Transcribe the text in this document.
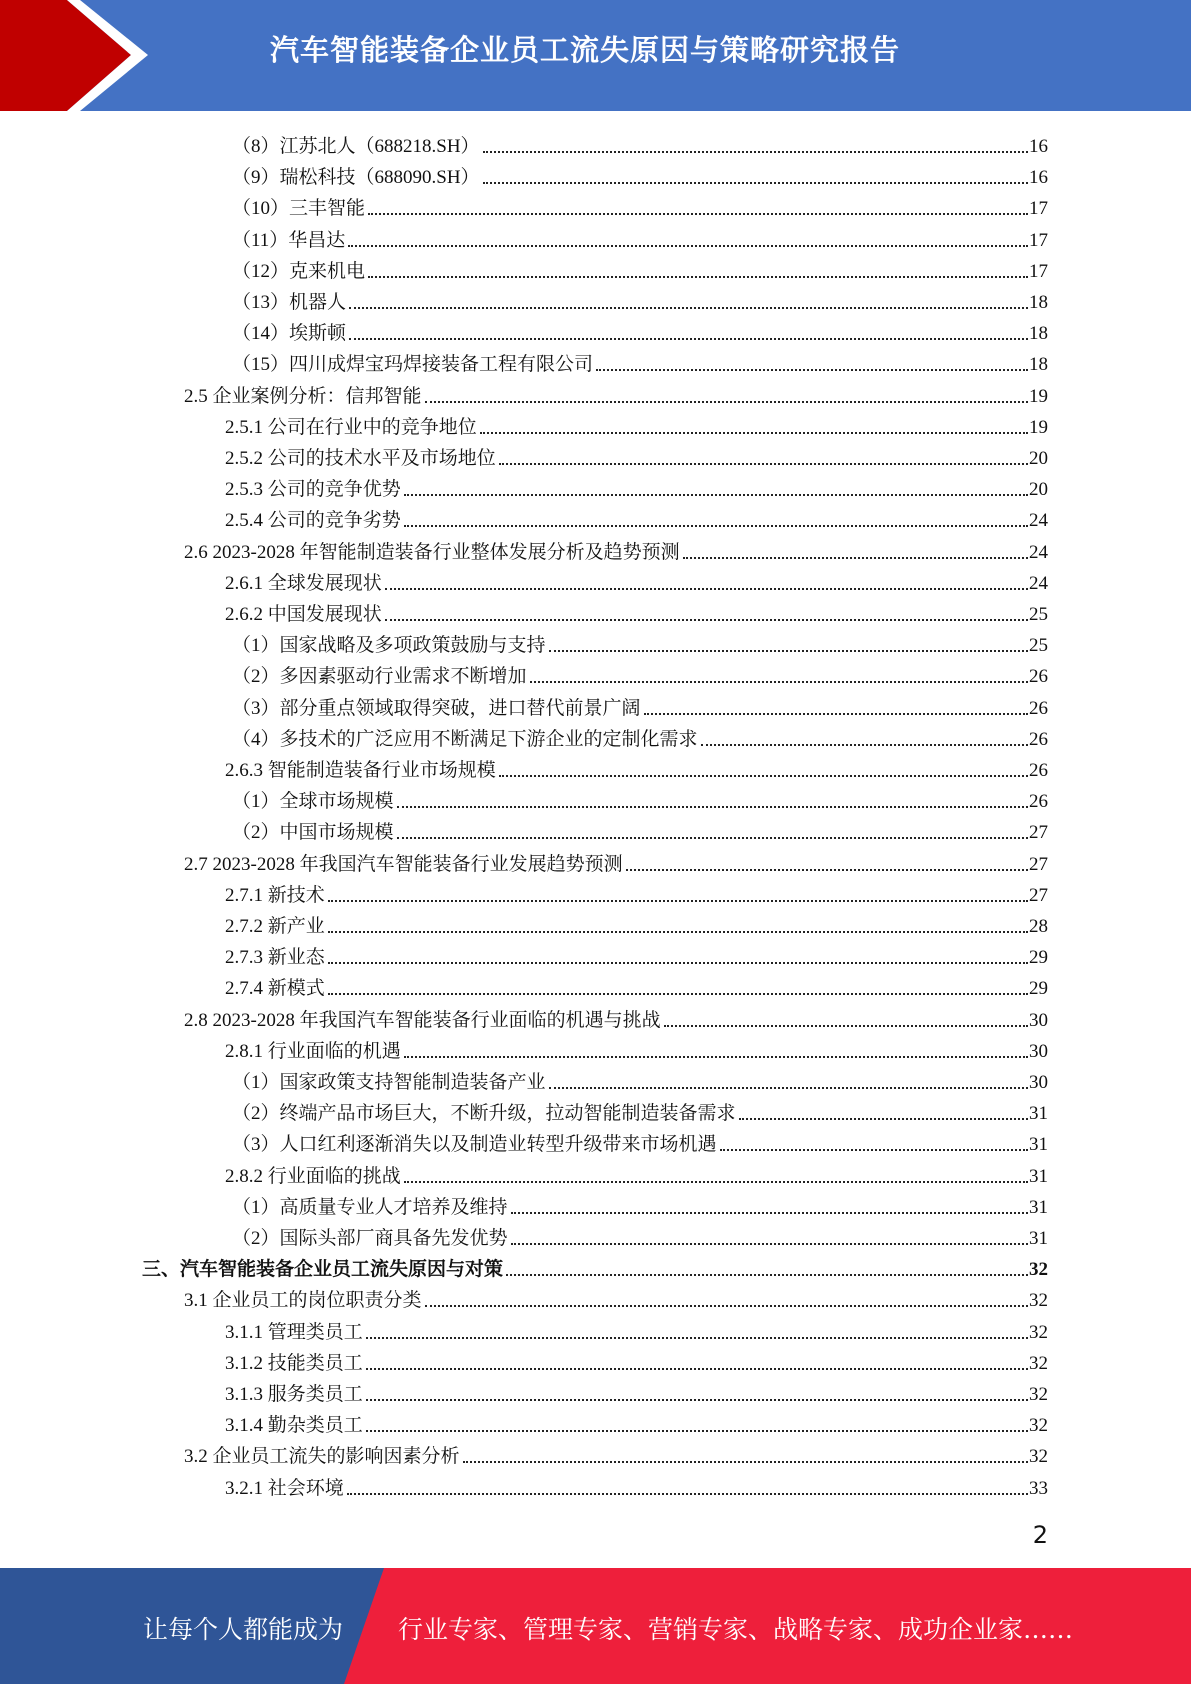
汽车智能装备企业员工流失原因与策略研究报告
（8）江苏北人（688218.SH）	16
（9）瑞松科技（688090.SH）	16
（10）三丰智能	17
（11）华昌达	17
（12）克来机电	17
（13）机器人	18
（14）埃斯顿	18
（15）四川成焊宝玛焊接装备工程有限公司	18
2.5 企业案例分析：信邦智能	19
2.5.1 公司在行业中的竞争地位	19
2.5.2 公司的技术水平及市场地位	20
2.5.3 公司的竞争优势	20
2.5.4 公司的竞争劣势	24
2.6 2023-2028 年智能制造装备行业整体发展分析及趋势预测	24
2.6.1 全球发展现状	24
2.6.2 中国发展现状	25
（1）国家战略及多项政策鼓励与支持	25
（2）多因素驱动行业需求不断增加	26
（3）部分重点领域取得突破，进口替代前景广阔	26
（4）多技术的广泛应用不断满足下游企业的定制化需求	26
2.6.3 智能制造装备行业市场规模	26
（1）全球市场规模	26
（2）中国市场规模	27
2.7 2023-2028 年我国汽车智能装备行业发展趋势预测	27
2.7.1 新技术	27
2.7.2 新产业	28
2.7.3 新业态	29
2.7.4 新模式	29
2.8 2023-2028 年我国汽车智能装备行业面临的机遇与挑战	30
2.8.1 行业面临的机遇	30
（1）国家政策支持智能制造装备产业	30
（2）终端产品市场巨大，不断升级，拉动智能制造装备需求	31
（3）人口红利逐渐消失以及制造业转型升级带来市场机遇	31
2.8.2 行业面临的挑战	31
（1）高质量专业人才培养及维持	31
（2）国际头部厂商具备先发优势	31
三、汽车智能装备企业员工流失原因与对策	32
3.1 企业员工的岗位职责分类	32
3.1.1 管理类员工	32
3.1.2 技能类员工	32
3.1.3 服务类员工	32
3.1.4 勤杂类员工	32
3.2 企业员工流失的影响因素分析	32
3.2.1 社会环境	33
2
让每个人都能成为 行业专家、管理专家、营销专家、战略专家、成功企业家……
